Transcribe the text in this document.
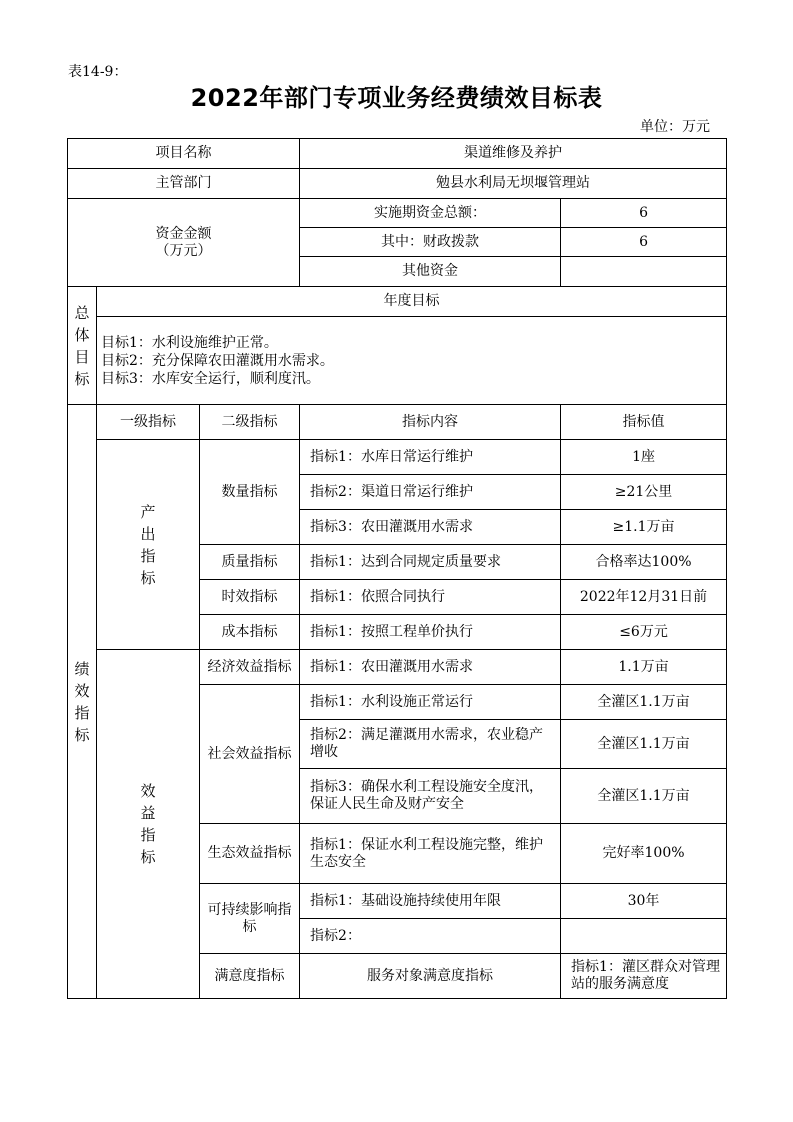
表14-9：
2022年部门专项业务经费绩效目标表
单位：万元
项目名称			渠道维修及养护		
主管部门			勉县水利局无坝堰管理站		

资金金额
（万元）			实施期资金总额：	6	
			其中：财政拨款	6	
			其他资金		

总
体
目
标	年度目标				

	目标1：水利设施维护正常。
目标2：充分保障农田灌溉用水需求。
目标3：水库安全运行，顺利度汛。				

绩
效
指
标	一级指标	二级指标	指标内容	指标值	

	产
出
指
标	数量指标	指标1：水库日常运行维护	1座	
			指标2：渠道日常运行维护	≥21公里	
			指标3：农田灌溉用水需求	≥1.1万亩	
		质量指标	指标1：达到合同规定质量要求	合格率达100%	
		时效指标	指标1：依照合同执行	2022年12月31日前	
		成本指标	指标1：按照工程单价执行	≤6万元	

	效
益
指
标	经济效益指标	指标1：农田灌溉用水需求	1.1万亩	
		社会效益指标	指标1：水利设施正常运行	全灌区1.1万亩	
			指标2：满足灌溉用水需求，农业稳产增收	全灌区1.1万亩	
			指标3：确保水利工程设施安全度汛，保证人民生命及财产安全	全灌区1.1万亩	
		生态效益指标	指标1：保证水利工程设施完整，维护生态安全	完好率100%	
		可持续影响指标	指标1：基础设施持续使用年限	30年	
			指标2：		
		满意度指标	服务对象满意度指标	指标1：灌区群众对管理站的服务满意度	
